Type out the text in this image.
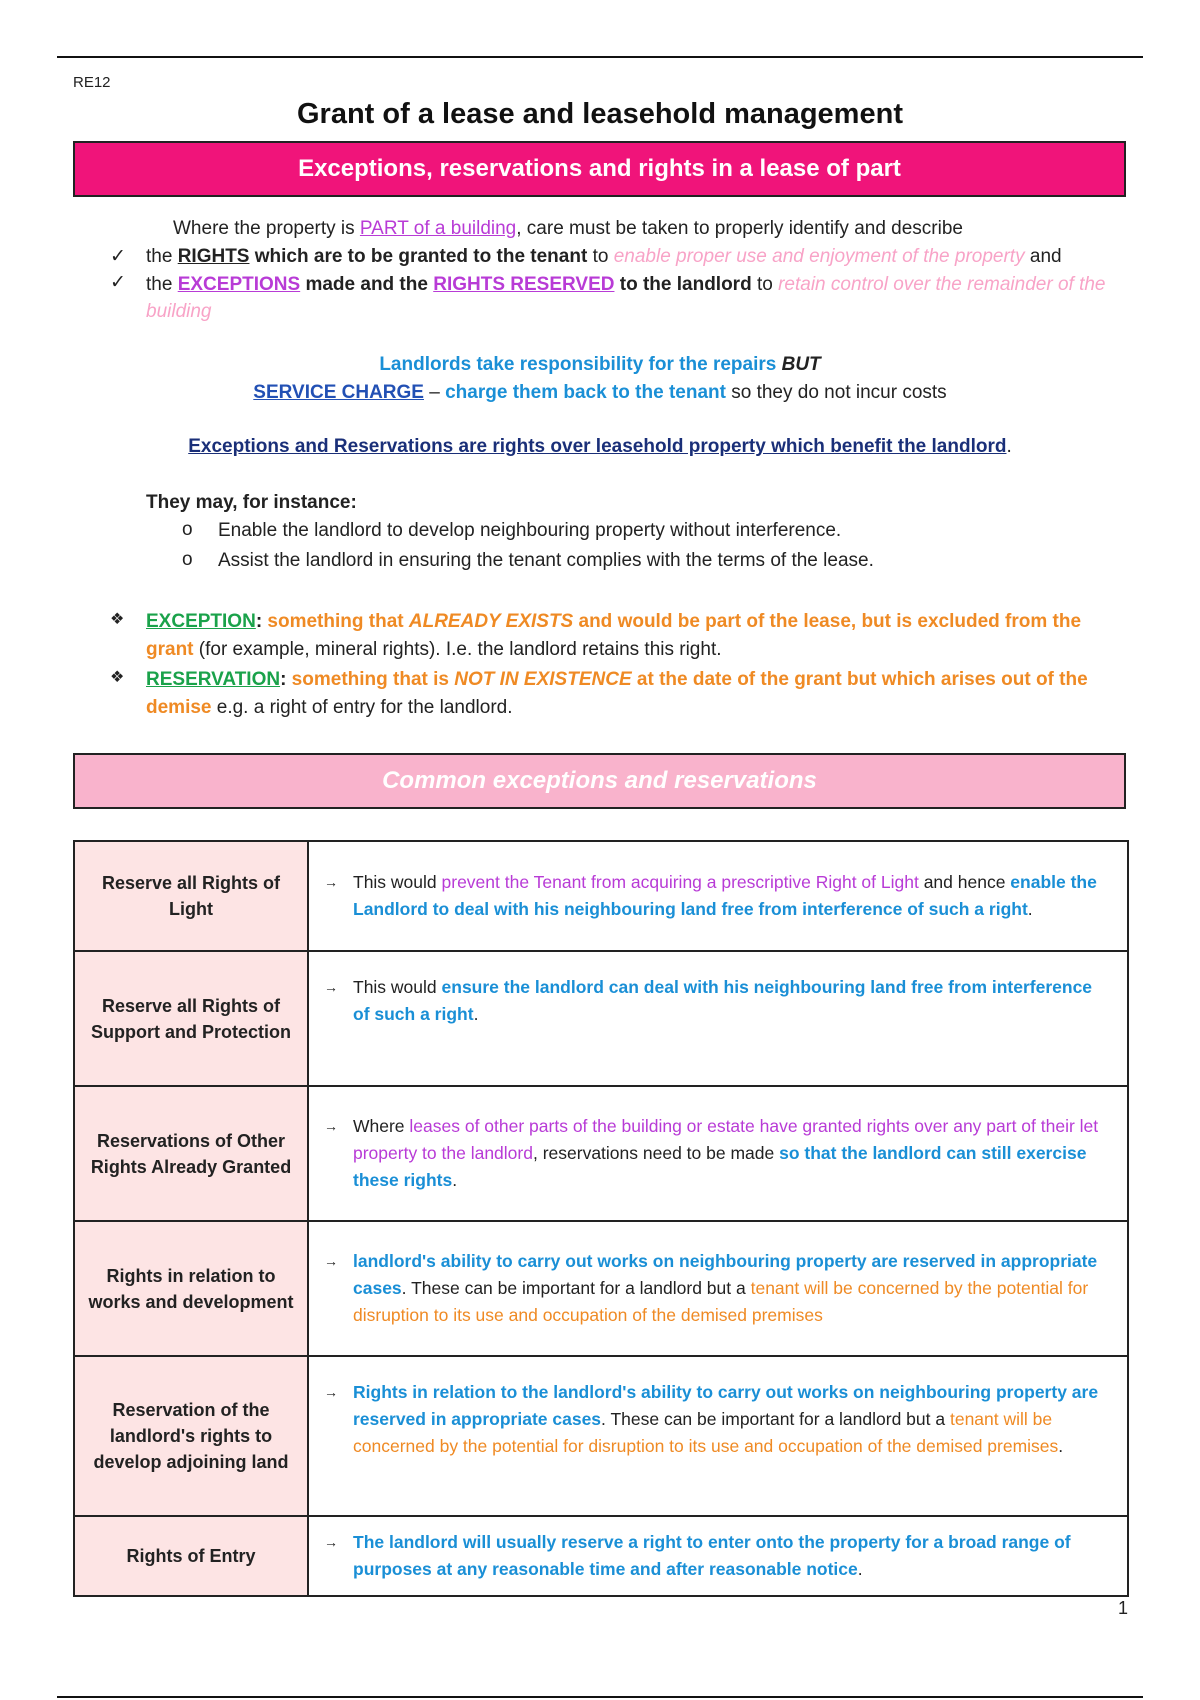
RE12
Grant of a lease and leasehold management
Exceptions, reservations and rights in a lease of part
Where the property is PART of a building, care must be taken to properly identify and describe
✓ the RIGHTS which are to be granted to the tenant to enable proper use and enjoyment of the property and
✓ the EXCEPTIONS made and the RIGHTS RESERVED to the landlord to retain control over the remainder of the building
Landlords take responsibility for the repairs BUT
SERVICE CHARGE – charge them back to the tenant so they do not incur costs
Exceptions and Reservations are rights over leasehold property which benefit the landlord.
They may, for instance:
o Enable the landlord to develop neighbouring property without interference.
o Assist the landlord in ensuring the tenant complies with the terms of the lease.
❖ EXCEPTION: something that ALREADY EXISTS and would be part of the lease, but is excluded from the grant (for example, mineral rights). I.e. the landlord retains this right.
❖ RESERVATION: something that is NOT IN EXISTENCE at the date of the grant but which arises out of the demise e.g. a right of entry for the landlord.
Common exceptions and reservations
Reserve all Rights of Light	→ This would prevent the Tenant from acquiring a prescriptive Right of Light and hence enable the Landlord to deal with his neighbouring land free from interference of such a right.

Reserve all Rights of Support and Protection	→ This would ensure the landlord can deal with his neighbouring land free from interference of such a right.

Reservations of Other Rights Already Granted	→ Where leases of other parts of the building or estate have granted rights over any part of their let property to the landlord, reservations need to be made so that the landlord can still exercise these rights.

Rights in relation to works and development	→ landlord's ability to carry out works on neighbouring property are reserved in appropriate cases. These can be important for a landlord but a tenant will be concerned by the potential for disruption to its use and occupation of the demised premises

Reservation of the landlord's rights to develop adjoining land	→ Rights in relation to the landlord's ability to carry out works on neighbouring property are reserved in appropriate cases. These can be important for a landlord but a tenant will be concerned by the potential for disruption to its use and occupation of the demised premises.

Rights of Entry	→ The landlord will usually reserve a right to enter onto the property for a broad range of purposes at any reasonable time and after reasonable notice.
1
